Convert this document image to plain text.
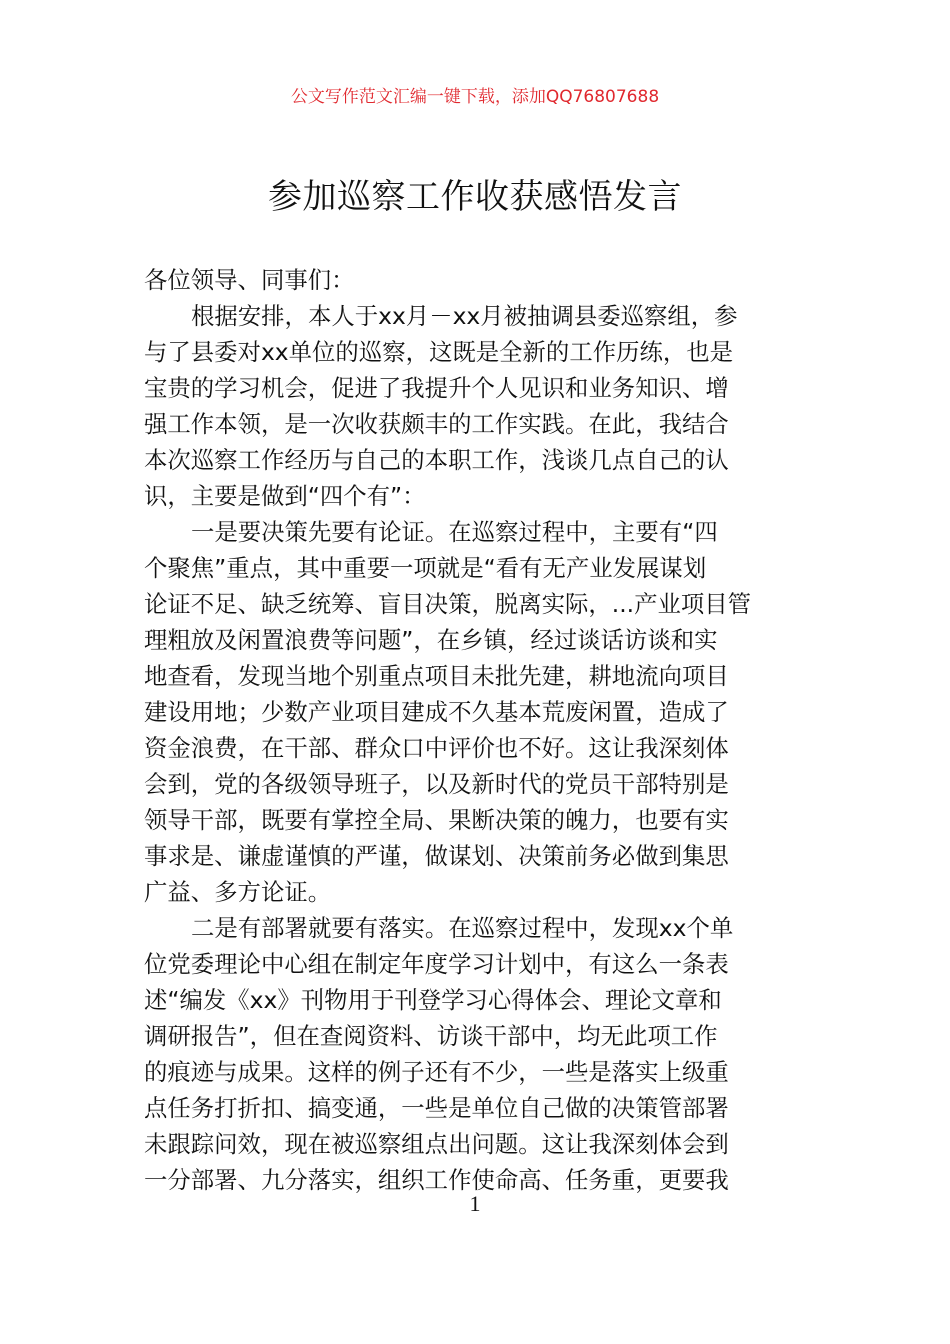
公文写作范文汇编一键下载，添加QQ76807688
参加巡察工作收获感悟发言

各位领导、同事们：

根据安排，本人于xx月－xx月被抽调县委巡察组，参
与了县委对xx单位的巡察，这既是全新的工作历练，也是
宝贵的学习机会，促进了我提升个人见识和业务知识、增
强工作本领，是一次收获颇丰的工作实践。在此，我结合
本次巡察工作经历与自己的本职工作，浅谈几点自己的认
识，主要是做到“四个有”：
一是要决策先要有论证。在巡察过程中，主要有“四
个聚焦”重点，其中重要一项就是“看有无产业发展谋划
论证不足、缺乏统筹、盲目决策，脱离实际，...产业项目管
理粗放及闲置浪费等问题”，在乡镇，经过谈话访谈和实
地查看，发现当地个别重点项目未批先建，耕地流向项目
建设用地；少数产业项目建成不久基本荒废闲置，造成了
资金浪费，在干部、群众口中评价也不好。这让我深刻体
会到，党的各级领导班子，以及新时代的党员干部特别是
领导干部，既要有掌控全局、果断决策的魄力，也要有实
事求是、谦虚谨慎的严谨，做谋划、决策前务必做到集思
广益、多方论证。
二是有部署就要有落实。在巡察过程中，发现xx个单
位党委理论中心组在制定年度学习计划中，有这么一条表
述“编发《xx》刊物用于刊登学习心得体会、理论文章和
调研报告”，但在查阅资料、访谈干部中，均无此项工作
的痕迹与成果。这样的例子还有不少，一些是落实上级重
点任务打折扣、搞变通，一些是单位自己做的决策管部署
未跟踪问效，现在被巡察组点出问题。这让我深刻体会到
一分部署、九分落实，组织工作使命高、任务重，更要我
1
